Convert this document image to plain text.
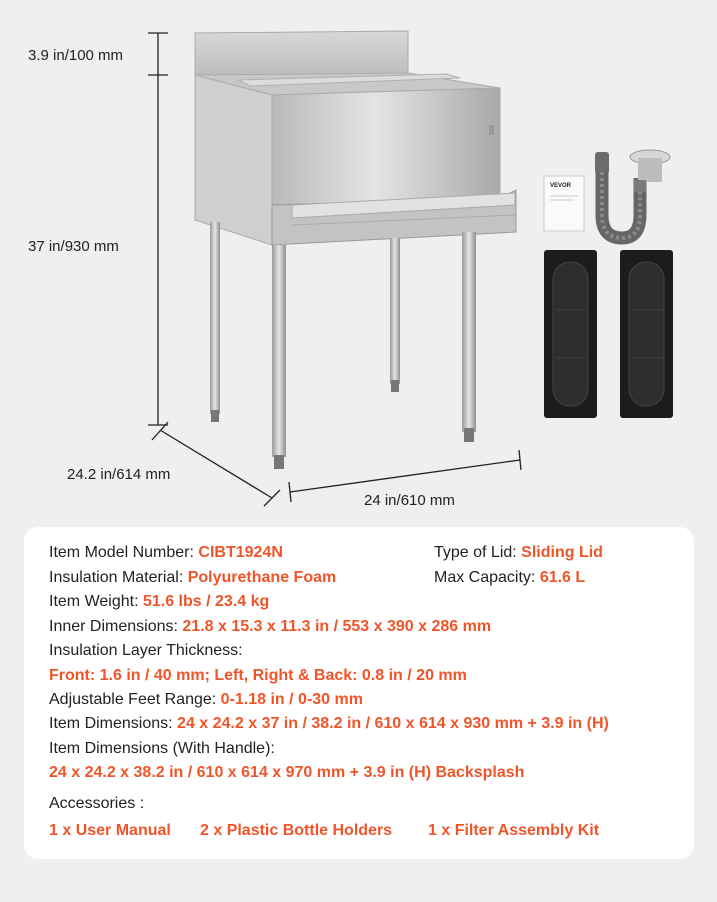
VEVOR
3.9 in/100 mm
37 in/930 mm
24.2 in/614 mm
24 in/610 mm
Item Model Number: CIBT1924N	Type of Lid: Sliding Lid
Insulation Material: Polyurethane Foam	Max Capacity: 61.6 L
Item Weight: 51.6 lbs / 23.4 kg
Inner Dimensions: 21.8 x 15.3 x 11.3 in / 553 x 390 x 286 mm
Insulation Layer Thickness:
Front: 1.6 in / 40 mm; Left, Right & Back: 0.8 in / 20 mm
Adjustable Feet Range: 0-1.18 in / 0-30 mm
Item Dimensions: 24 x 24.2 x 37 in / 38.2 in / 610 x 614 x 930 mm + 3.9 in (H)
Item Dimensions (With Handle):
24 x 24.2 x 38.2 in / 610 x 614 x 970 mm + 3.9 in (H) Backsplash
Accessories :
1 x User Manual 2 x Plastic Bottle Holders 1 x Filter Assembly Kit
